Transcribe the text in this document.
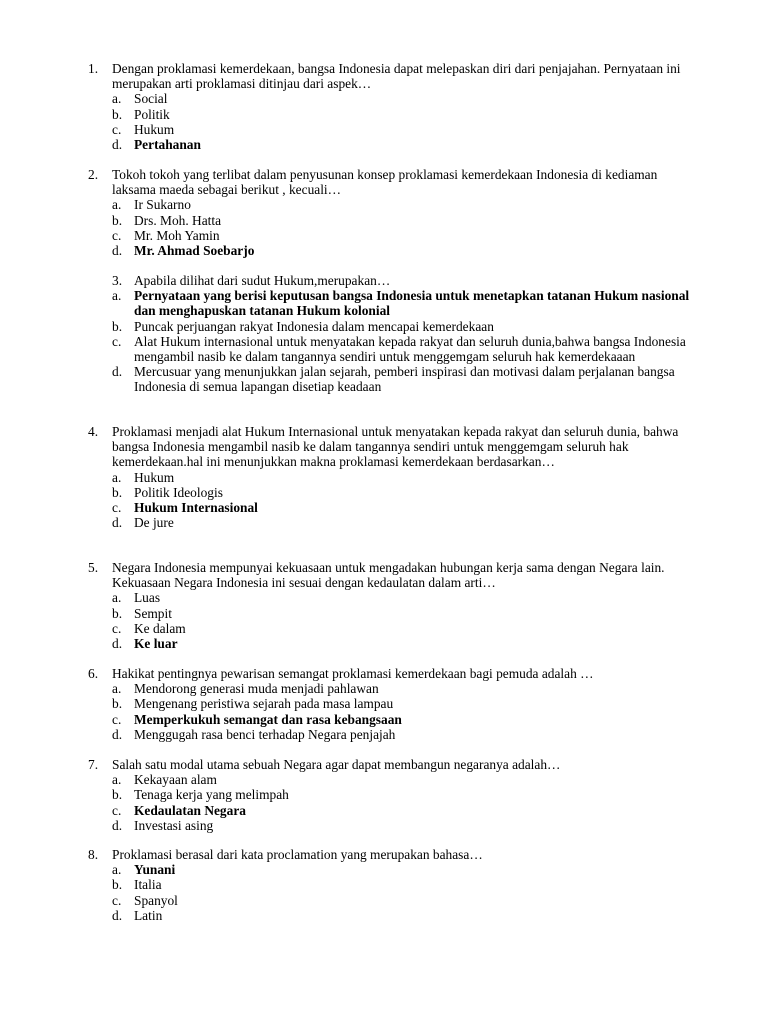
1.	Dengan proklamasi kemerdekaan, bangsa Indonesia dapat melepaskan diri dari penjajahan. Pernyataan ini merupakan arti proklamasi ditinjau dari aspek…
a. Social
b. Politik
c. Hukum
d. Pertahanan
2.	Tokoh tokoh yang terlibat dalam penyusunan konsep proklamasi kemerdekaan Indonesia di kediaman laksama maeda sebagai berikut , kecuali…
a. Ir Sukarno
b. Drs. Moh. Hatta
c. Mr. Moh Yamin
d. Mr. Ahmad Soebarjo
3. Apabila dilihat dari sudut Hukum,merupakan…
a. Pernyataan yang berisi keputusan bangsa Indonesia untuk menetapkan tatanan Hukum nasional dan menghapuskan tatanan Hukum kolonial
b. Puncak perjuangan rakyat Indonesia dalam mencapai kemerdekaan
c. Alat Hukum internasional untuk menyatakan kepada rakyat dan seluruh dunia,bahwa bangsa Indonesia mengambil nasib ke dalam tangannya sendiri untuk menggemgam seluruh hak kemerdekaaan
d. Mercusuar yang menunjukkan jalan sejarah, pemberi inspirasi dan motivasi dalam perjalanan bangsa Indonesia di semua lapangan disetiap keadaan
4.	Proklamasi menjadi alat Hukum Internasional untuk menyatakan kepada rakyat dan seluruh dunia, bahwa bangsa Indonesia mengambil nasib ke dalam tangannya sendiri untuk menggemgam seluruh hak kemerdekaan.hal ini menunjukkan makna proklamasi kemerdekaan berdasarkan…
a. Hukum
b. Politik Ideologis
c. Hukum Internasional
d. De jure
5.	Negara Indonesia mempunyai kekuasaan untuk mengadakan hubungan kerja sama dengan Negara lain. Kekuasaan Negara Indonesia ini sesuai dengan kedaulatan dalam arti…
a. Luas
b. Sempit
c. Ke dalam
d. Ke luar
6.	Hakikat pentingnya pewarisan semangat proklamasi kemerdekaan bagi pemuda adalah …
a. Mendorong generasi muda menjadi pahlawan
b. Mengenang peristiwa sejarah pada masa lampau
c. Memperkukuh semangat dan rasa kebangsaan
d. Menggugah rasa benci terhadap Negara penjajah
7.	Salah satu modal utama sebuah Negara agar dapat membangun negaranya adalah…
a. Kekayaan alam
b. Tenaga kerja yang melimpah
c. Kedaulatan Negara
d. Investasi asing
8.	Proklamasi berasal dari kata proclamation yang merupakan bahasa…
a. Yunani
b. Italia
c. Spanyol
d. Latin
